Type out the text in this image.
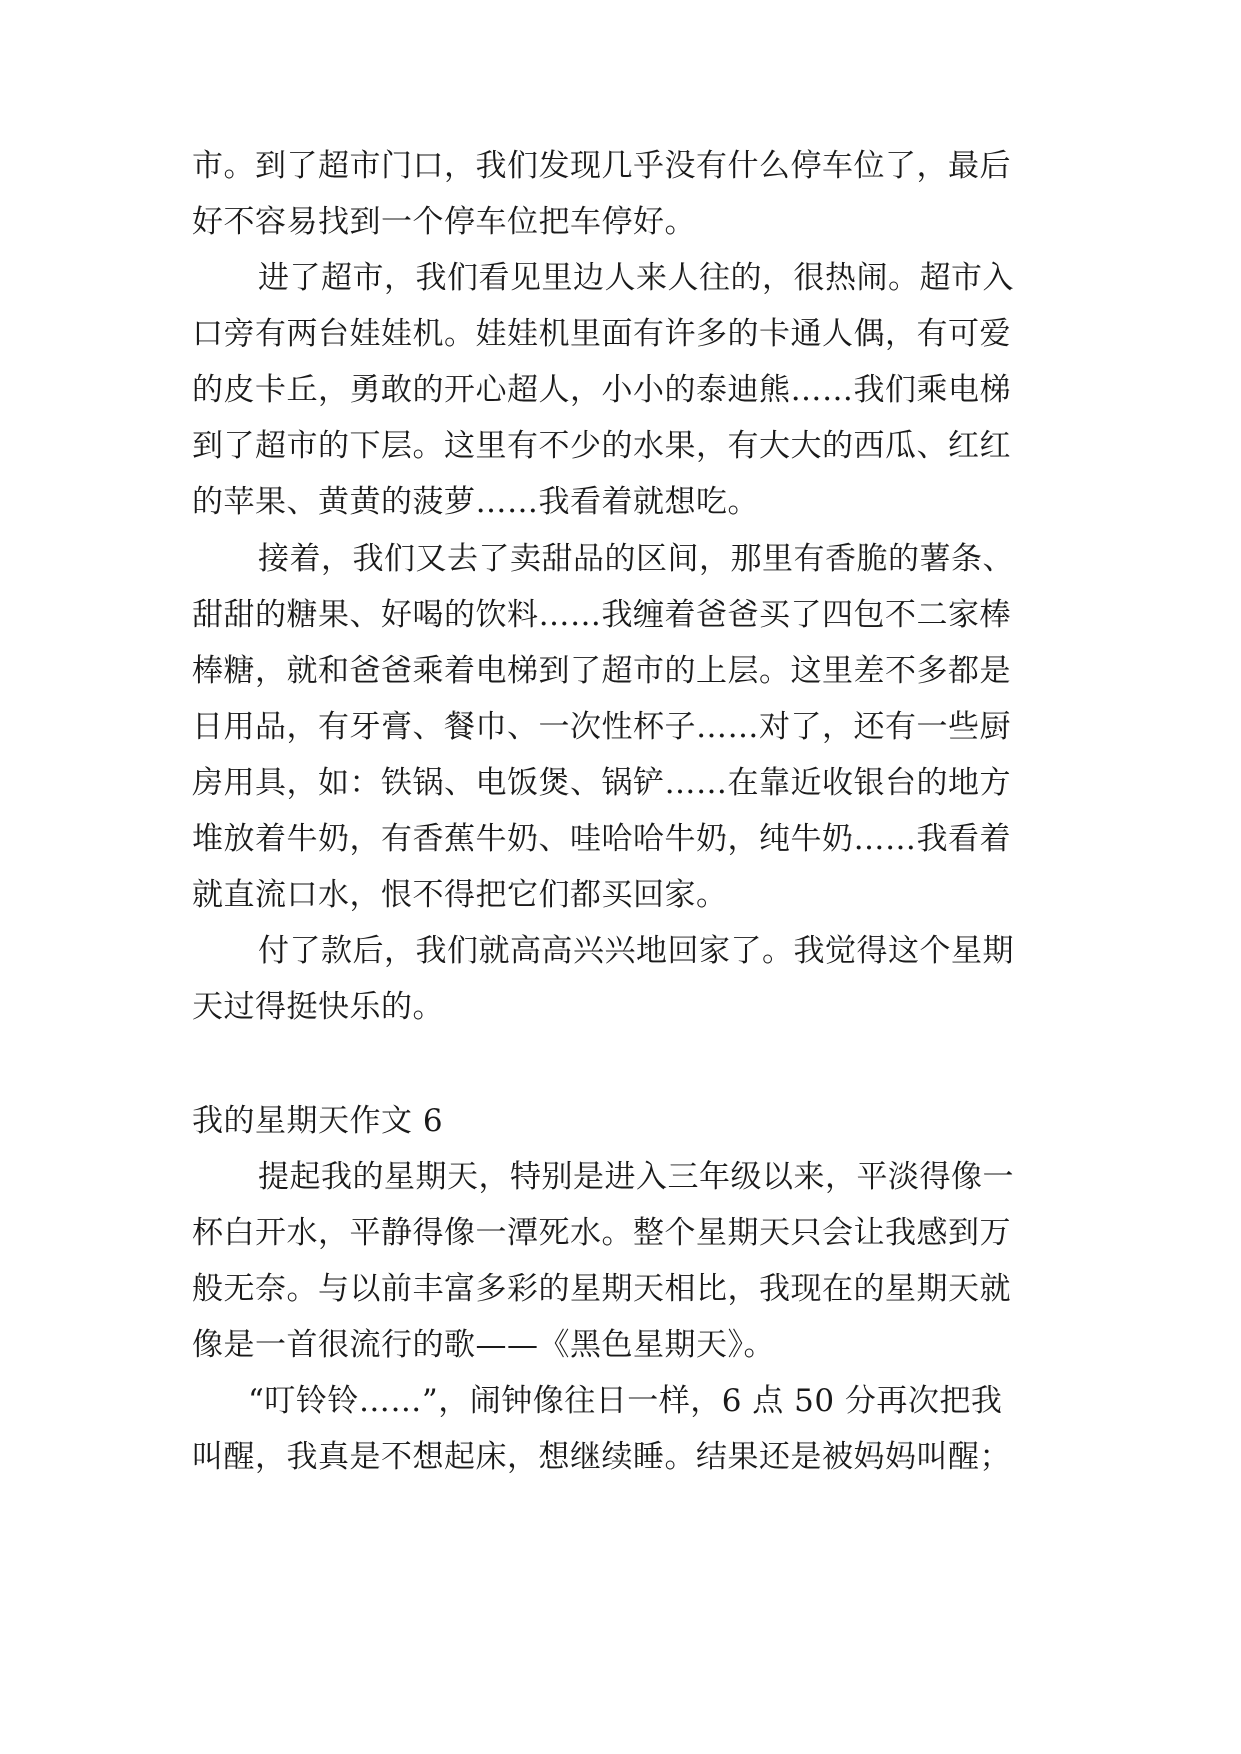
市。到了超市门口，我们发现几乎没有什么停车位了，最后
好不容易找到一个停车位把车停好。
进了超市，我们看见里边人来人往的，很热闹。超市入
口旁有两台娃娃机。娃娃机里面有许多的卡通人偶，有可爱
的皮卡丘，勇敢的开心超人，小小的泰迪熊……我们乘电梯
到了超市的下层。这里有不少的水果，有大大的西瓜、红红
的苹果、黄黄的菠萝……我看着就想吃。
接着，我们又去了卖甜品的区间，那里有香脆的薯条、
甜甜的糖果、好喝的饮料……我缠着爸爸买了四包不二家棒
棒糖，就和爸爸乘着电梯到了超市的上层。这里差不多都是
日用品，有牙膏、餐巾、一次性杯子……对了，还有一些厨
房用具，如：铁锅、电饭煲、锅铲……在靠近收银台的地方
堆放着牛奶，有香蕉牛奶、哇哈哈牛奶，纯牛奶……我看着
就直流口水，恨不得把它们都买回家。
付了款后，我们就高高兴兴地回家了。我觉得这个星期
天过得挺快乐的。
我的星期天作文 6
提起我的星期天，特别是进入三年级以来，平淡得像一
杯白开水，平静得像一潭死水。整个星期天只会让我感到万
般无奈。与以前丰富多彩的星期天相比，我现在的星期天就
像是一首很流行的歌——《黑色星期天》。
“叮铃铃……”，闹钟像往日一样，6 点 50 分再次把我
叫醒，我真是不想起床，想继续睡。结果还是被妈妈叫醒；
